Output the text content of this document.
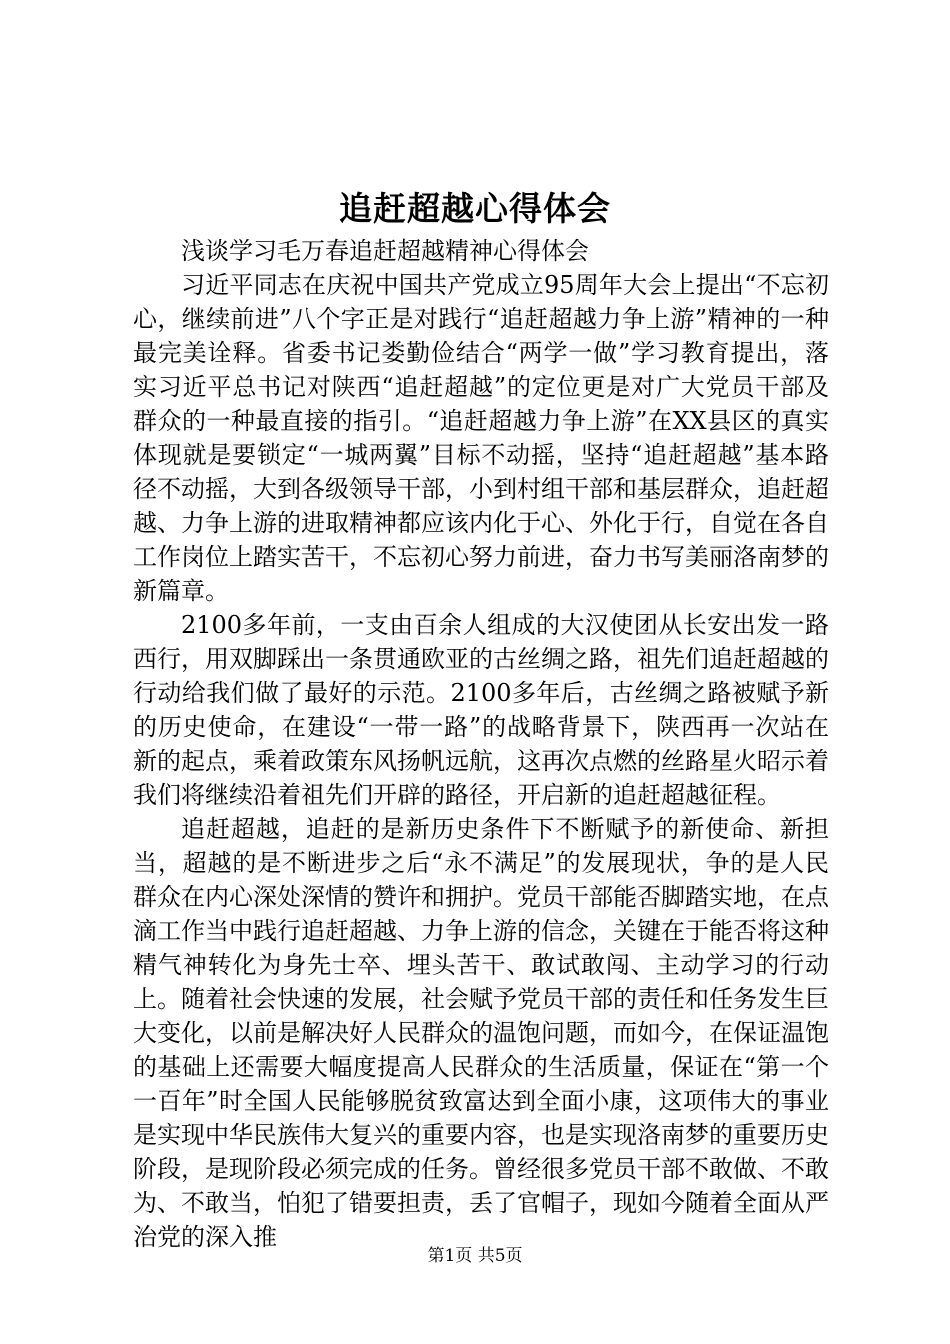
追赶超越心得体会

浅谈学习毛万春追赶超越精神心得体会

习近平同志在庆祝中国共产党成立95周年大会上提出“不忘初心，继续前进”八个字正是对践行“追赶超越力争上游”精神的一种最完美诠释。省委书记娄勤俭结合“两学一做”学习教育提出，落实习近平总书记对陕西“追赶超越”的定位更是对广大党员干部及群众的一种最直接的指引。“追赶超越力争上游”在XX县区的真实体现就是要锁定“一城两翼”目标不动摇，坚持“追赶超越”基本路径不动摇，大到各级领导干部，小到村组干部和基层群众，追赶超越、力争上游的进取精神都应该内化于心、外化于行，自觉在各自工作岗位上踏实苦干，不忘初心努力前进，奋力书写美丽洛南梦的新篇章。

2100多年前，一支由百余人组成的大汉使团从长安出发一路西行，用双脚踩出一条贯通欧亚的古丝绸之路，祖先们追赶超越的行动给我们做了最好的示范。2100多年后，古丝绸之路被赋予新的历史使命，在建设“一带一路”的战略背景下，陕西再一次站在新的起点，乘着政策东风扬帆远航，这再次点燃的丝路星火昭示着我们将继续沿着祖先们开辟的路径，开启新的追赶超越征程。

追赶超越，追赶的是新历史条件下不断赋予的新使命、新担当，超越的是不断进步之后“永不满足”的发展现状，争的是人民群众在内心深处深情的赞许和拥护。党员干部能否脚踏实地，在点滴工作当中践行追赶超越、力争上游的信念，关键在于能否将这种精气神转化为身先士卒、埋头苦干、敢试敢闯、主动学习的行动上。随着社会快速的发展，社会赋予党员干部的责任和任务发生巨大变化，以前是解决好人民群众的温饱问题，而如今，在保证温饱的基础上还需要大幅度提高人民群众的生活质量，保证在“第一个一百年”时全国人民能够脱贫致富达到全面小康，这项伟大的事业是实现中华民族伟大复兴的重要内容，也是实现洛南梦的重要历史阶段，是现阶段必须完成的任务。曾经很多党员干部不敢做、不敢为、不敢当，怕犯了错要担责，丢了官帽子，现如今随着全面从严治党的深入推

第1页 共5页
